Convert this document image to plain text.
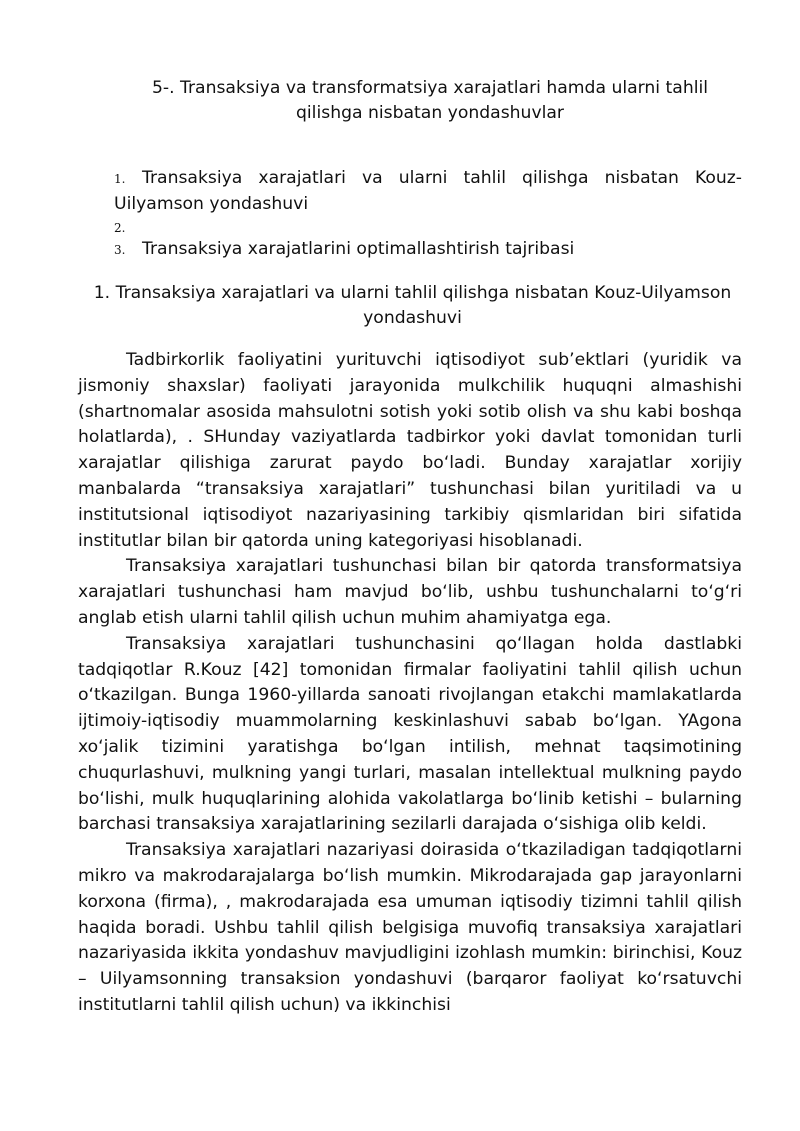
5-. Transaksiya va transformatsiya xarajatlari hamda ularni tahlil qilishga nisbatan yondashuvlar
1. Transaksiya xarajatlari va ularni tahlil qilishga nisbatan Kouz-Uilyamson yondashuvi
2.
3. Transaksiya xarajatlarini optimallashtirish tajribasi
1. Transaksiya xarajatlari va ularni tahlil qilishga nisbatan Kouz-Uilyamson yondashuvi

Tadbirkorlik faoliyatini yurituvchi iqtisodiyot sub’ektlari (yuridik va jismoniy shaxslar) faoliyati jarayonida mulkchilik huquqni almashishi (shartnomalar asosida mahsulotni sotish yoki sotib olish va shu kabi boshqa holatlarda), . SHunday vaziyatlarda tadbirkor yoki davlat tomonidan turli xarajatlar qilishiga zarurat paydo bo‘ladi. Bunday xarajatlar xorijiy manbalarda “transaksiya xarajatlari” tushunchasi bilan yuritiladi va u institutsional iqtisodiyot nazariyasining tarkibiy qismlaridan biri sifatida institutlar bilan bir qatorda uning kategoriyasi hisoblanadi.

Transaksiya xarajatlari tushunchasi bilan bir qatorda transformatsiya xarajatlari tushunchasi ham mavjud bo‘lib, ushbu tushunchalarni to‘g‘ri anglab etish ularni tahlil qilish uchun muhim ahamiyatga ega.

Transaksiya xarajatlari tushunchasini qo‘llagan holda dastlabki tadqiqotlar R.Kouz [42] tomonidan firmalar faoliyatini tahlil qilish uchun o‘tkazilgan. Bunga 1960-yillarda sanoati rivojlangan etakchi mamlakatlarda ijtimoiy-iqtisodiy muammolarning keskinlashuvi sabab bo‘lgan. YAgona xo‘jalik tizimini yaratishga bo‘lgan intilish, mehnat taqsimotining chuqurlashuvi, mulkning yangi turlari, masalan intellektual mulkning paydo bo‘lishi, mulk huquqlarining alohida vakolatlarga bo‘linib ketishi – bularning barchasi transaksiya xarajatlarining sezilarli darajada o‘sishiga olib keldi.

Transaksiya xarajatlari nazariyasi doirasida o‘tkaziladigan tadqiqotlarni mikro va makrodarajalarga bo‘lish mumkin. Mikrodarajada gap jarayonlarni korxona (firma), , makrodarajada esa umuman iqtisodiy tizimni tahlil qilish haqida boradi. Ushbu tahlil qilish belgisiga muvofiq transaksiya xarajatlari nazariyasida ikkita yondashuv mavjudligini izohlash mumkin: birinchisi, Kouz – Uilyamsonning transaksion yondashuvi (barqaror faoliyat ko‘rsatuvchi institutlarni tahlil qilish uchun) va ikkinchisi
